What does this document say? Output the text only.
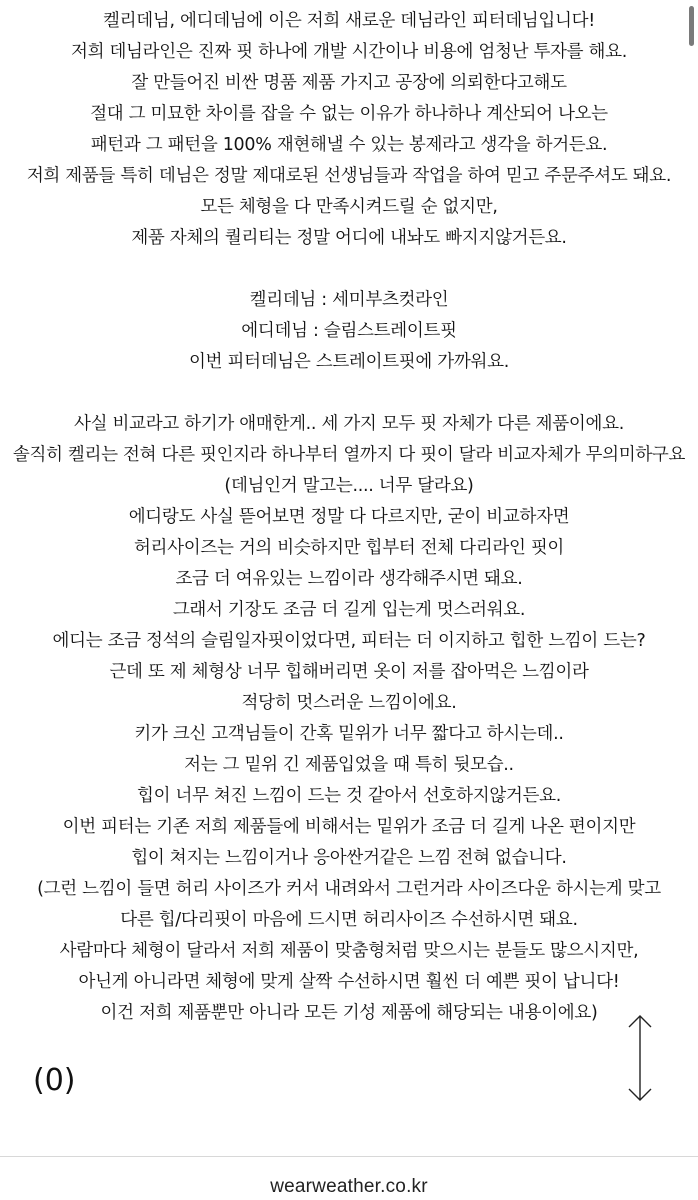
켈리데님, 에디데님에 이은 저희 새로운 데님라인 피터데님입니다!
저희 데님라인은 진짜 핏 하나에 개발 시간이나 비용에 엄청난 투자를 해요.
잘 만들어진 비싼 명품 제품 가지고 공장에 의뢰한다고해도
절대 그 미묘한 차이를 잡을 수 없는 이유가 하나하나 계산되어 나오는
패턴과 그 패턴을 100% 재현해낼 수 있는 봉제라고 생각을 하거든요.
저희 제품들 특히 데님은 정말 제대로된 선생님들과 작업을 하여 믿고 주문주셔도 돼요.
모든 체형을 다 만족시켜드릴 순 없지만,
제품 자체의 퀄리티는 정말 어디에 내놔도 빠지지않거든요.
켈리데님 : 세미부츠컷라인
에디데님 : 슬림스트레이트핏
이번 피터데님은 스트레이트핏에 가까워요.
사실 비교라고 하기가 애매한게.. 세 가지 모두 핏 자체가 다른 제품이에요.
솔직히 켈리는 전혀 다른 핏인지라 하나부터 열까지 다 핏이 달라 비교자체가 무의미하구요
(데님인거 말고는.... 너무 달라요)
에디랑도 사실 뜯어보면 정말 다 다르지만, 굳이 비교하자면
허리사이즈는 거의 비슷하지만 힙부터 전체 다리라인 핏이
조금 더 여유있는 느낌이라 생각해주시면 돼요.
그래서 기장도 조금 더 길게 입는게 멋스러워요.
에디는 조금 정석의 슬림일자핏이었다면, 피터는 더 이지하고 힙한 느낌이 드는?
근데 또 제 체형상 너무 힙해버리면 옷이 저를 잡아먹은 느낌이라
적당히 멋스러운 느낌이에요.
키가 크신 고객님들이 간혹 밑위가 너무 짧다고 하시는데..
저는 그 밑위 긴 제품입었을 때 특히 뒷모습..
힙이 너무 쳐진 느낌이 드는 것 같아서 선호하지않거든요.
이번 피터는 기존 저희 제품들에 비해서는 밑위가 조금 더 길게 나온 편이지만
힙이 쳐지는 느낌이거나 응아싼거같은 느낌 전혀 없습니다.
(그런 느낌이 들면 허리 사이즈가 커서 내려와서 그런거라 사이즈다운 하시는게 맞고
다른 힙/다리핏이 마음에 드시면 허리사이즈 수선하시면 돼요.
사람마다 체형이 달라서 저희 제품이 맞춤형처럼 맞으시는 분들도 많으시지만,
아닌게 아니라면 체형에 맞게 살짝 수선하시면 훨씬 더 예쁜 핏이 납니다!
이건 저희 제품뿐만 아니라 모든 기성 제품에 해당되는 내용이에요)
(0)
wearweather.co.kr
